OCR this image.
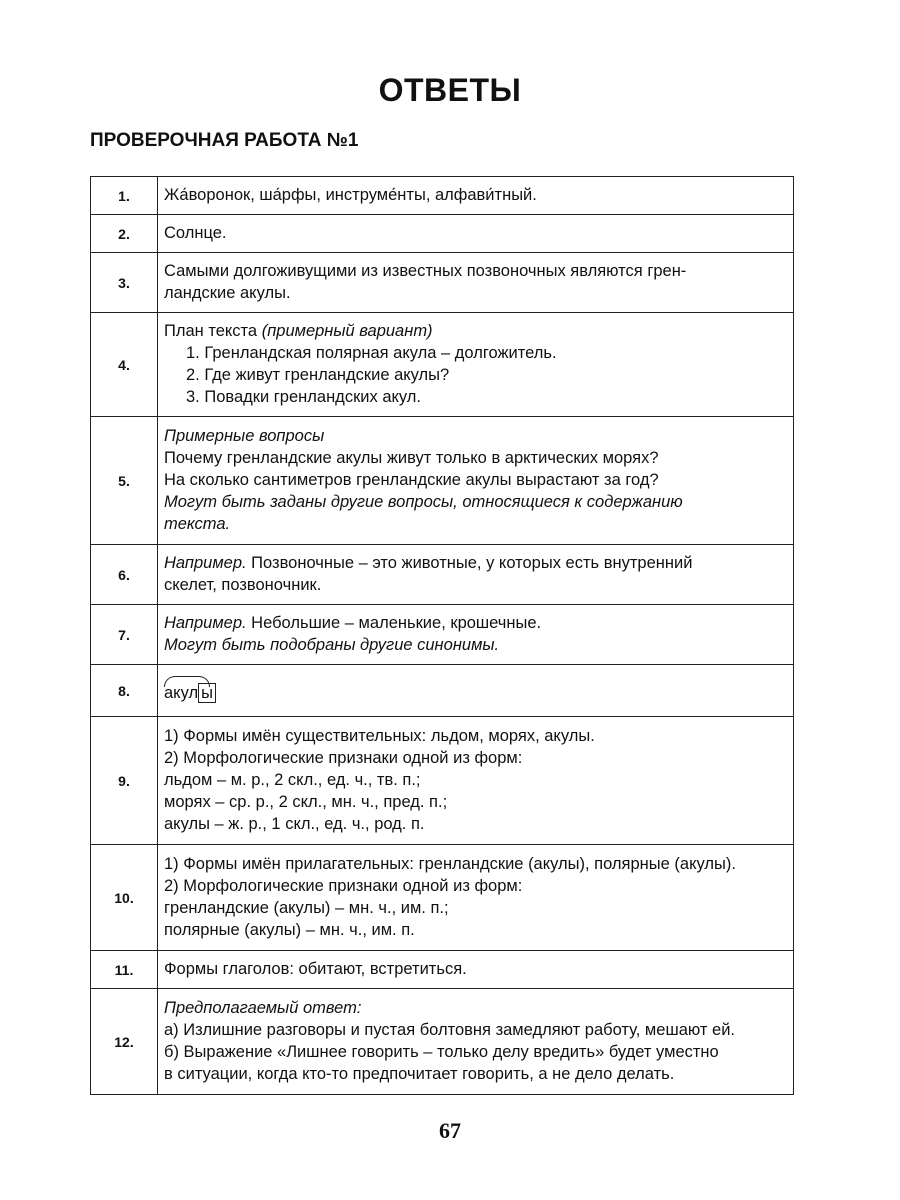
ОТВЕТЫ
ПРОВЕРОЧНАЯ РАБОТА №1
1.	Жа́воронок, ша́рфы, инструме́нты, алфави́тный.

2.	Солнце.

3.	Самыми долгоживущими из известных позвоночных являются грен-
ландские акулы.

4.	План текста (примерный вариант)
1. Гренландская полярная акула – долгожитель.
2. Где живут гренландские акулы?
3. Повадки гренландских акул.

5.	Примерные вопросы
Почему гренландские акулы живут только в арктических морях?
На сколько сантиметров гренландские акулы вырастают за год?
Могут быть заданы другие вопросы, относящиеся к содержанию
текста.

6.	Например. Позвоночные – это животные, у которых есть внутренний
скелет, позвоночник.

7.	Например. Небольшие – маленькие, крошечные.
Могут быть подобраны другие синонимы.

8.	акул ы
9.	1) Формы имён существительных: льдом, морях, акулы.
2) Морфологические признаки одной из форм:
льдом – м. р., 2 скл., ед. ч., тв. п.;
морях – ср. р., 2 скл., мн. ч., пред. п.;
акулы – ж. р., 1 скл., ед. ч., род. п.

10.	1) Формы имён прилагательных: гренландские (акулы), полярные (акулы).
2) Морфологические признаки одной из форм:
гренландские (акулы) – мн. ч., им. п.;
полярные (акулы) – мн. ч., им. п.

11.	Формы глаголов: обитают, встретиться.

12.	Предполагаемый ответ:
а) Излишние разговоры и пустая болтовня замедляют работу, мешают ей.
б) Выражение «Лишнее говорить – только делу вредить» будет уместно
в ситуации, когда кто-то предпочитает говорить, а не дело делать.
67
